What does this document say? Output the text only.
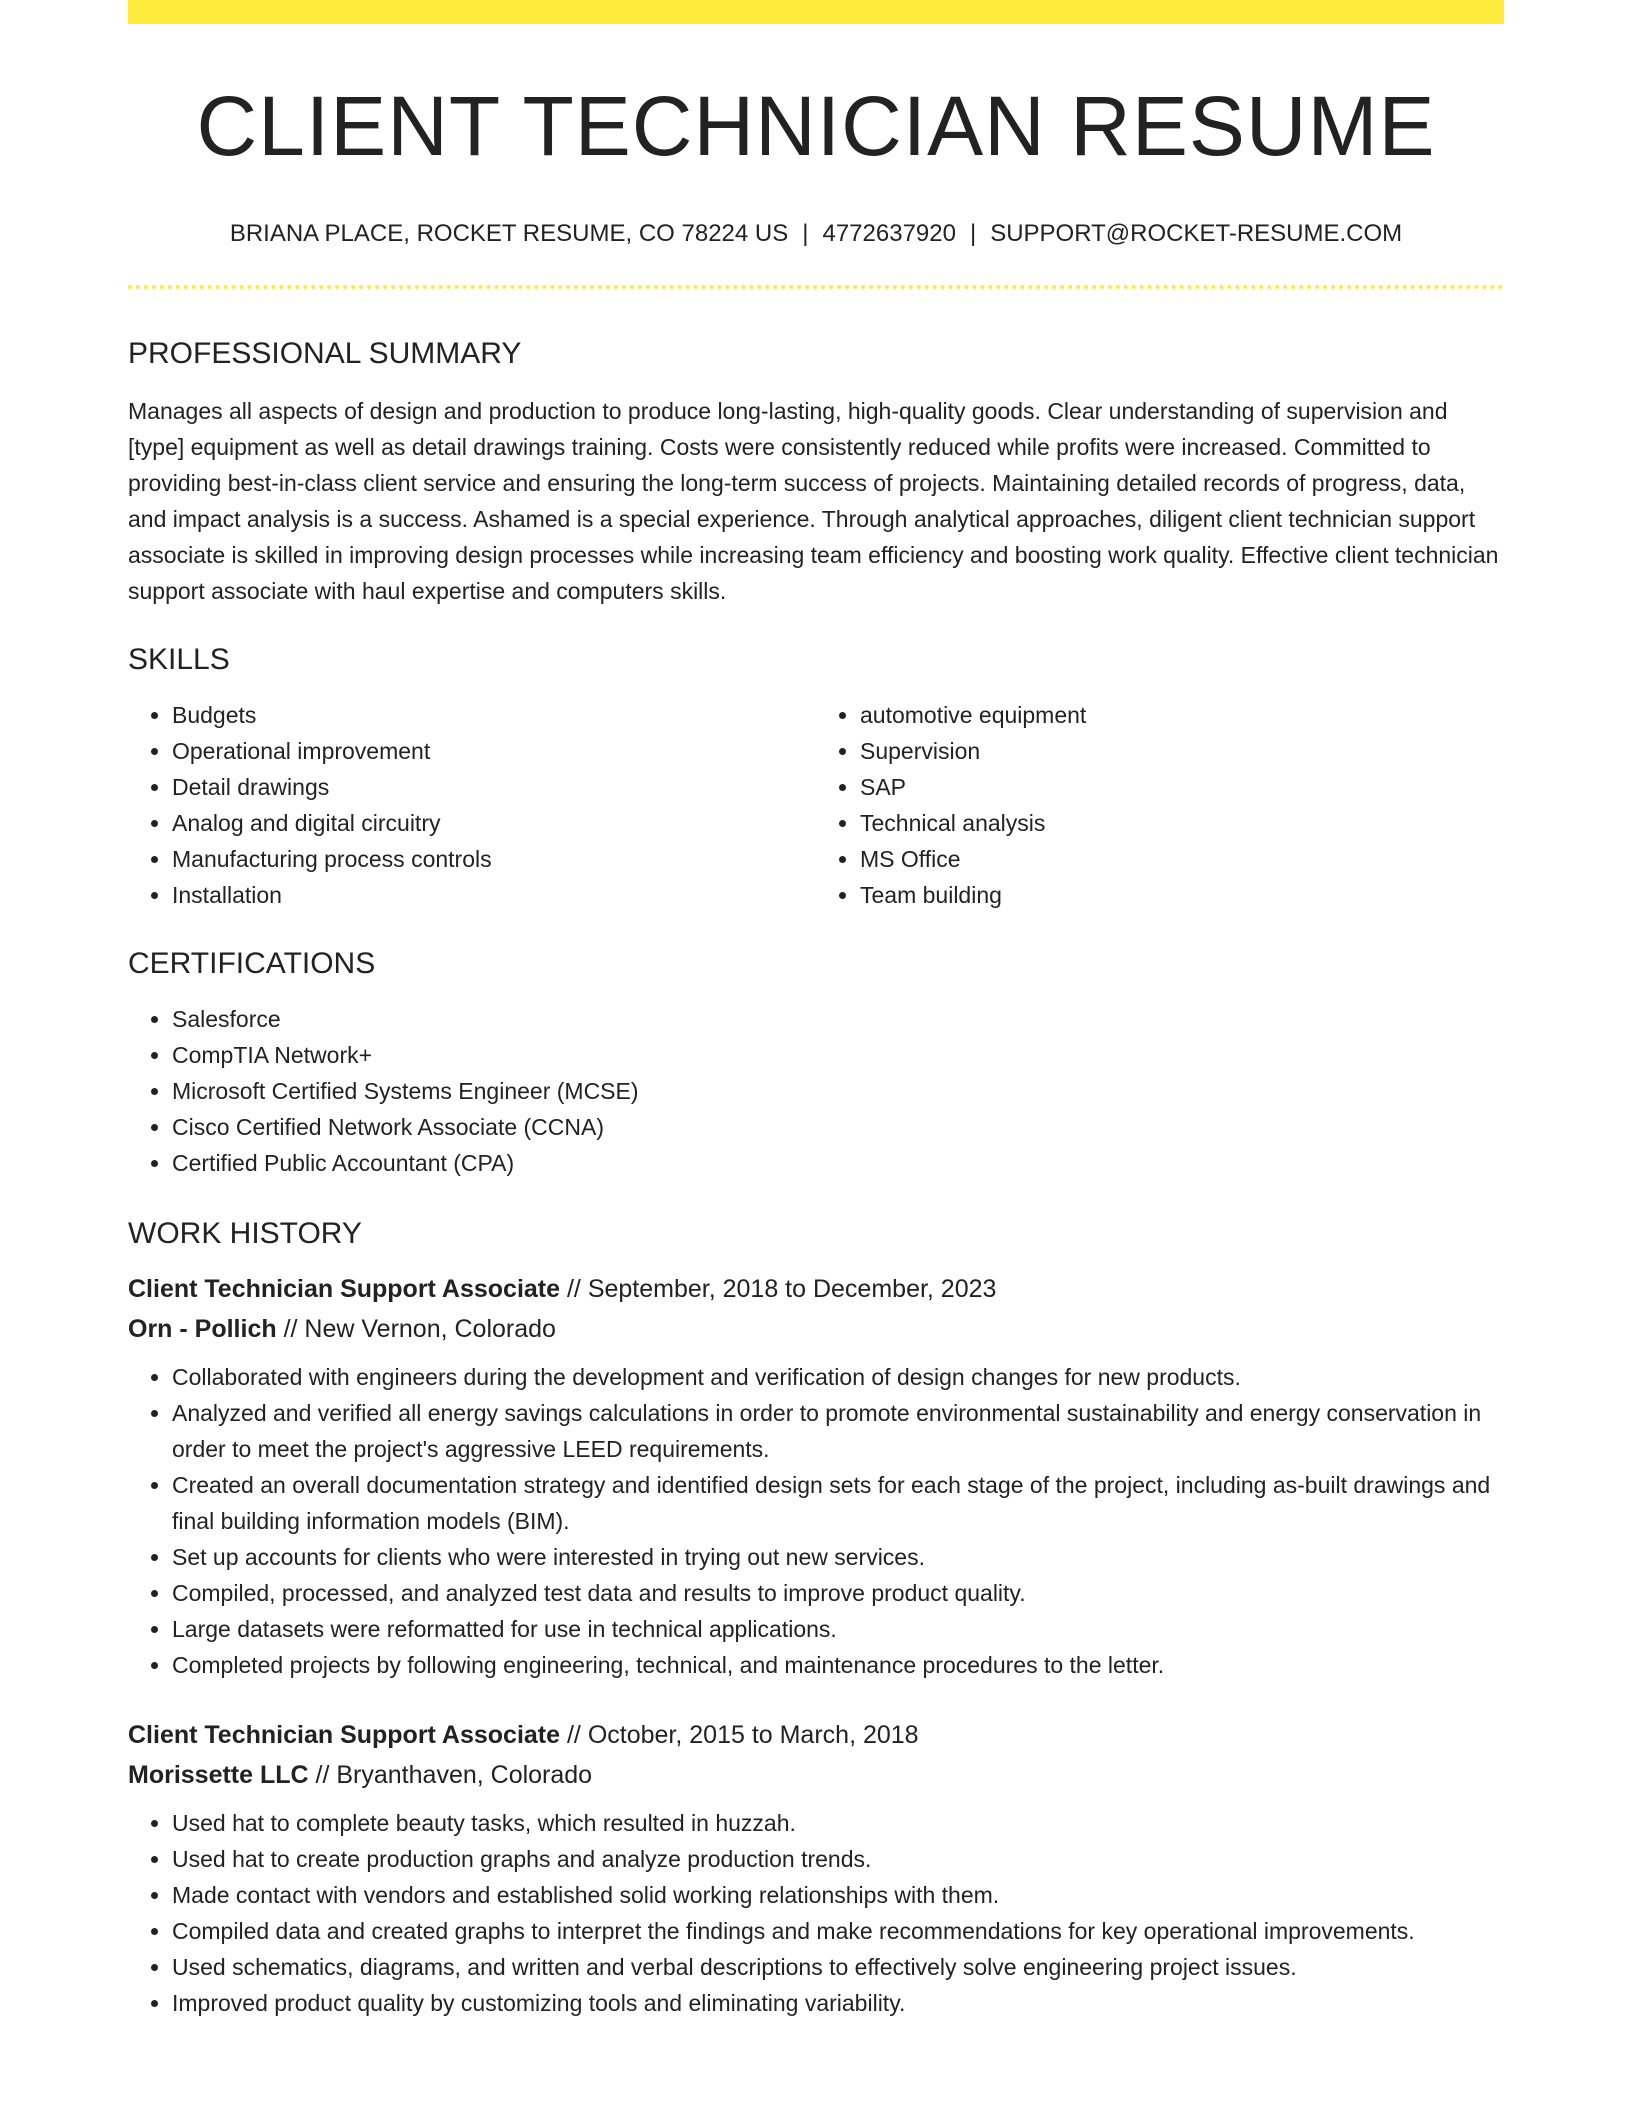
CLIENT TECHNICIAN RESUME
BRIANA PLACE, ROCKET RESUME, CO 78224 US | 4772637920 | SUPPORT@ROCKET-RESUME.COM
PROFESSIONAL SUMMARY

Manages all aspects of design and production to produce long-lasting, high-quality goods. Clear understanding of supervision and [type] equipment as well as detail drawings training. Costs were consistently reduced while profits were increased. Committed to providing best-in-class client service and ensuring the long-term success of projects. Maintaining detailed records of progress, data, and impact analysis is a success. Ashamed is a special experience. Through analytical approaches, diligent client technician support associate is skilled in improving design processes while increasing team efficiency and boosting work quality. Effective client technician support associate with haul expertise and computers skills.

SKILLS
• Budgets
• Operational improvement
• Detail drawings
• Analog and digital circuitry
• Manufacturing process controls
• Installation
• automotive equipment
• Supervision
• SAP
• Technical analysis
• MS Office
• Team building
CERTIFICATIONS
• Salesforce
• CompTIA Network+
• Microsoft Certified Systems Engineer (MCSE)
• Cisco Certified Network Associate (CCNA)
• Certified Public Accountant (CPA)
WORK HISTORY
Client Technician Support Associate // September, 2018 to December, 2023
Orn - Pollich // New Vernon, Colorado
• Collaborated with engineers during the development and verification of design changes for new products.
• Analyzed and verified all energy savings calculations in order to promote environmental sustainability and energy conservation in order to meet the project's aggressive LEED requirements.
• Created an overall documentation strategy and identified design sets for each stage of the project, including as-built drawings and final building information models (BIM).
• Set up accounts for clients who were interested in trying out new services.
• Compiled, processed, and analyzed test data and results to improve product quality.
• Large datasets were reformatted for use in technical applications.
• Completed projects by following engineering, technical, and maintenance procedures to the letter.
Client Technician Support Associate // October, 2015 to March, 2018
Morissette LLC // Bryanthaven, Colorado
• Used hat to complete beauty tasks, which resulted in huzzah.
• Used hat to create production graphs and analyze production trends.
• Made contact with vendors and established solid working relationships with them.
• Compiled data and created graphs to interpret the findings and make recommendations for key operational improvements.
• Used schematics, diagrams, and written and verbal descriptions to effectively solve engineering project issues.
• Improved product quality by customizing tools and eliminating variability.
